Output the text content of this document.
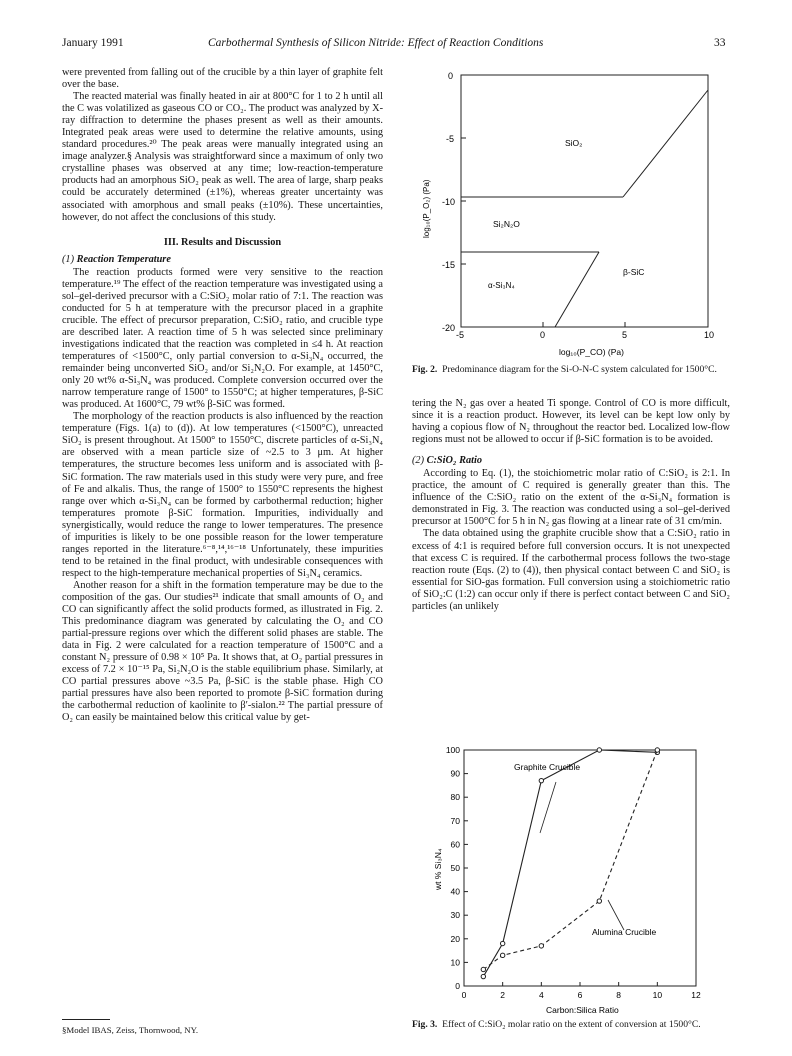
January 1991	Carbothermal Synthesis of Silicon Nitride: Effect of Reaction Conditions	33

were prevented from falling out of the crucible by a thin layer of graphite felt over the base.

The reacted material was finally heated in air at 800°C for 1 to 2 h until all the C was volatilized as gaseous CO or CO₂. The product was analyzed by X-ray diffraction to determine the phases present as well as their amounts. Integrated peak areas were used to determine the relative amounts, using standard procedures.²⁰ The peak areas were manually integrated using an image analyzer.§ Analysis was straightforward since a maximum of only two crystalline phases was observed at any time; low-reaction-temperature products had an amorphous SiO₂ peak as well. The area of large, sharp peaks could be accurately determined (±1%), whereas greater uncertainty was associated with amorphous and small peaks (±10%). These uncertainties, however, do not affect the conclusions of this study.

III. Results and Discussion

(1) Reaction Temperature

The reaction products formed were very sensitive to the reaction temperature.¹⁹ The effect of the reaction temperature was investigated using a sol–gel-derived precursor with a C:SiO₂ molar ratio of 7:1. The reaction was conducted for 5 h at temperature with the precursor placed in a graphite crucible. The effect of precursor preparation, C:SiO₂ ratio, and crucible type are described later. A reaction time of 5 h was selected since preliminary investigations indicated that the reaction was completed in ≤4 h. At reaction temperatures of <1500°C, only partial conversion to α-Si₃N₄ occurred, the remainder being unconverted SiO₂ and/or Si₂N₂O. For example, at 1450°C, only 20 wt% α-Si₃N₄ was produced. Complete conversion occurred over the narrow temperature range of 1500° to 1550°C; at higher temperatures, β-SiC was produced. At 1600°C, 79 wt% β-SiC was formed.

The morphology of the reaction products is also influenced by the reaction temperature (Figs. 1(a) to (d)). At low temperatures (<1500°C), unreacted SiO₂ is present throughout. At 1500° to 1550°C, discrete particles of α-Si₃N₄ are observed with a mean particle size of ~2.5 to 3 μm. At higher temperatures, the structure becomes less uniform and is associated with β-SiC formation. The raw materials used in this study were very pure, and free of Fe and alkalis. Thus, the range of 1500° to 1550°C represents the highest range over which α-Si₃N₄ can be formed by carbothermal reduction; higher temperatures promote β-SiC formation. Impurities, individually and synergistically, would reduce the range to lower temperatures. The presence of impurities is likely to be one possible reason for the lower temperature ranges reported in the literature.⁶⁻⁸,¹⁴,¹⁶⁻¹⁸ Unfortunately, these impurities tend to be retained in the final product, with undesirable consequences with respect to the high-temperature mechanical properties of Si₃N₄ ceramics.

Another reason for a shift in the formation temperature may be due to the composition of the gas. Our studies²¹ indicate that small amounts of O₂ and CO can significantly affect the solid products formed, as illustrated in Fig. 2. This predominance diagram was generated by calculating the O₂ and CO partial-pressure regions over which the different solid phases are stable. The data in Fig. 2 were calculated for a reaction temperature of 1500°C and a constant N₂ pressure of 0.98 × 10⁵ Pa. It shows that, at O₂ partial pressures in excess of 7.2 × 10⁻¹⁵ Pa, Si₂N₂O is the stable equilibrium phase. Similarly, at CO partial pressures above ~3.5 Pa, β-SiC is the stable phase. High CO partial pressures have also been reported to promote β-SiC formation during the carbothermal reduction of kaolinite to β′-sialon.²² The partial pressure of O₂ can easily be maintained below this critical value by get-

§Model IBAS, Zeiss, Thornwood, NY.
0
-5
-10
-15
-20
-5	0	5	10
log₁₀(P_CO) (Pa)
log₁₀(P_O₂) (Pa)
SiO₂
Si₂N₂O
β-SiC
α-Si₃N₄
Fig. 2. Predominance diagram for the Si-O-N-C system calculated for 1500°C.

tering the N₂ gas over a heated Ti sponge. Control of CO is more difficult, since it is a reaction product. However, its level can be kept low only by having a copious flow of N₂ throughout the reactor bed. Localized low-flow regions must not be allowed to occur if β-SiC formation is to be avoided.

(2) C:SiO₂ Ratio

According to Eq. (1), the stoichiometric molar ratio of C:SiO₂ is 2:1. In practice, the amount of C required is generally greater than this. The influence of the C:SiO₂ ratio on the extent of the α-Si₃N₄ formation is demonstrated in Fig. 3. The reaction was conducted using a sol–gel-derived precursor at 1500°C for 5 h in N₂ gas flowing at a linear rate of 31 cm/min.

The data obtained using the graphite crucible show that a C:SiO₂ ratio in excess of 4:1 is required before full conversion occurs. It is not unexpected that excess C is required. If the carbothermal process follows the two-stage reaction route (Eqs. (2) to (4)), then physical contact between C and SiO₂ is essential for SiO-gas formation. Full conversion using a stoichiometric ratio of SiO₂:C (1:2) can occur only if there is perfect contact between C and SiO₂ particles (an unlikely

0
10
20
30
40
50
60
70
80
90
100
0	2	4	6	8	10	12
Graphite Crucible
Alumina Crucible
Carbon:Silica Ratio
wt % Si₃N₄
Fig. 3. Effect of C:SiO₂ molar ratio on the extent of conversion at 1500°C.
